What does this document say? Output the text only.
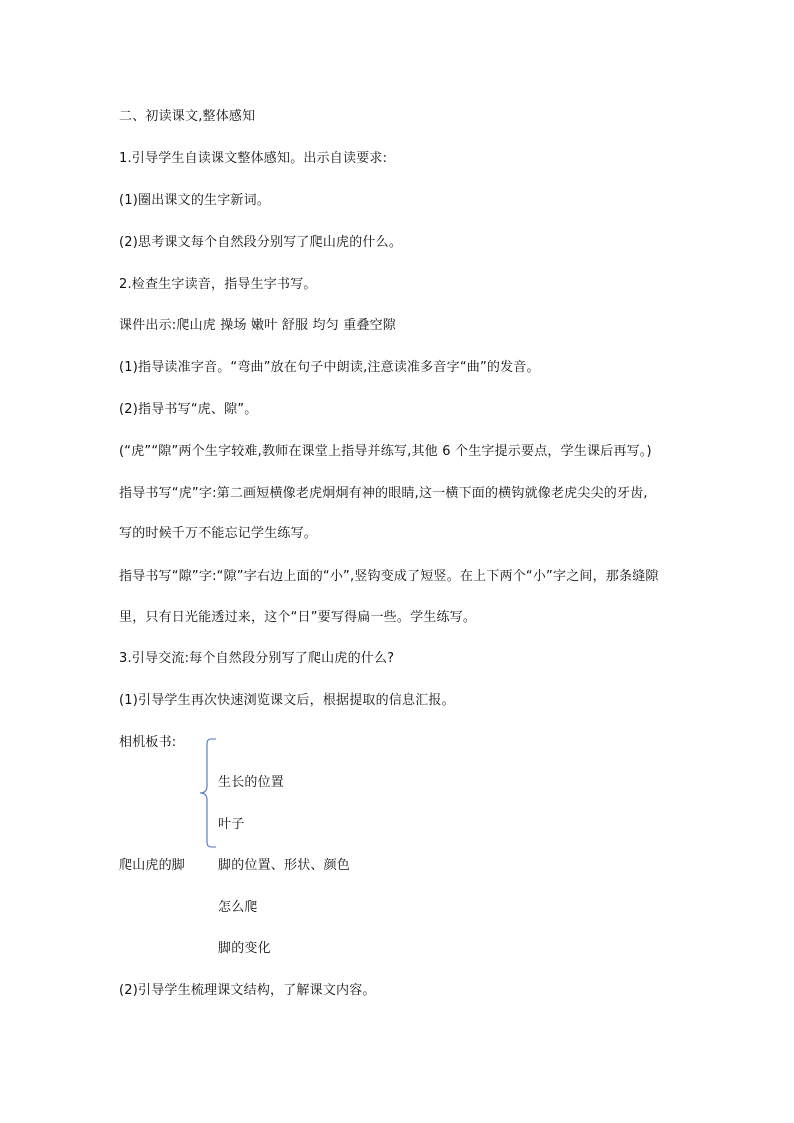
二、初读课文,整体感知
1.引导学生自读课文整体感知。出示自读要求:
(1)圈出课文的生字新词。
(2)思考课文每个自然段分别写了爬山虎的什么。
2.检查生字读音，指导生字书写。
课件出示:爬山虎 操场 嫩叶 舒服 均匀 重叠空隙
(1)指导读准字音。“弯曲”放在句子中朗读,注意读准多音字“曲”的发音。
(2)指导书写“虎、隙”。
(“虎”“隙”两个生字较难,教师在课堂上指导并练写,其他 6 个生字提示要点，学生课后再写。)
指导书写“虎”字:第二画短横像老虎炯炯有神的眼睛,这一横下面的横钩就像老虎尖尖的牙齿,
写的时候千万不能忘记学生练写。
指导书写“隙”字:“隙”字右边上面的“小”,竖钩变成了短竖。在上下两个“小”字之间，那条缝隙
里，只有日光能透过来，这个“日”要写得扁一些。学生练写。
3.引导交流:每个自然段分别写了爬山虎的什么?
(1)引导学生再次快速浏览课文后，根据提取的信息汇报。
相机板书:
生长的位置
叶子
爬山虎的脚	脚的位置、形状、颜色
怎么爬
脚的变化
(2)引导学生梳理课文结构，了解课文内容。
